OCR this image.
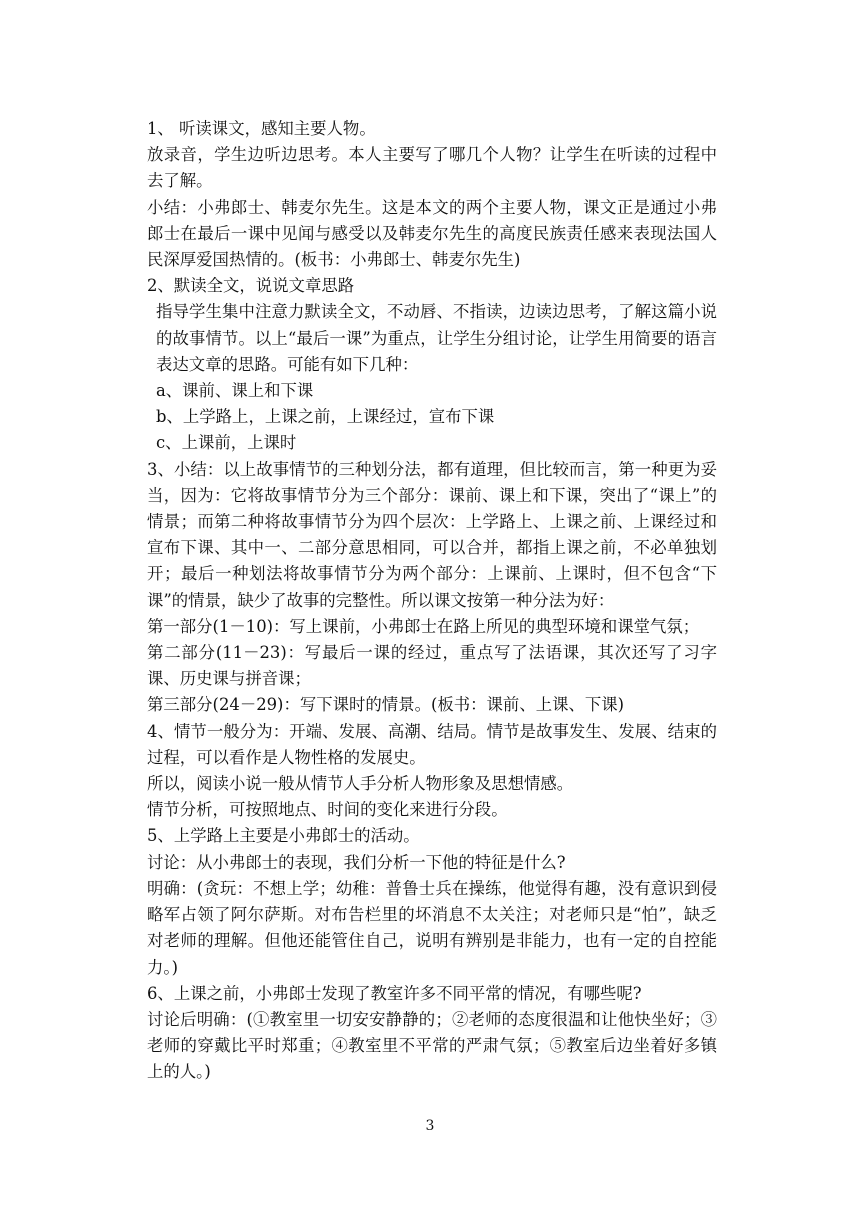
1、 听读课文，感知主要人物。

放录音，学生边听边思考。本人主要写了哪几个人物？让学生在听读的过程中去了解。

小结：小弗郎士、韩麦尔先生。这是本文的两个主要人物，课文正是通过小弗郎士在最后一课中见闻与感受以及韩麦尔先生的高度民族责任感来表现法国人民深厚爱国热情的。(板书：小弗郎士、韩麦尔先生)

2、默读全文，说说文章思路

指导学生集中注意力默读全文，不动唇、不指读，边读边思考，了解这篇小说的故事情节。以上“最后一课”为重点，让学生分组讨论，让学生用简要的语言表达文章的思路。可能有如下几种：

a、课前、课上和下课

b、上学路上，上课之前，上课经过，宣布下课

c、上课前，上课时

3、小结：以上故事情节的三种划分法，都有道理，但比较而言，第一种更为妥当，因为：它将故事情节分为三个部分：课前、课上和下课，突出了“课上”的情景；而第二种将故事情节分为四个层次：上学路上、上课之前、上课经过和宣布下课、其中一、二部分意思相同，可以合并，都指上课之前，不必单独划开；最后一种划法将故事情节分为两个部分：上课前、上课时，但不包含“下课”的情景，缺少了故事的完整性。所以课文按第一种分法为好：

第一部分(1－10)：写上课前，小弗郎士在路上所见的典型环境和课堂气氛；

第二部分(11－23)：写最后一课的经过，重点写了法语课，其次还写了习字课、历史课与拼音课；

第三部分(24－29)：写下课时的情景。(板书：课前、上课、下课)

4、情节一般分为：开端、发展、高潮、结局。情节是故事发生、发展、结束的过程，可以看作是人物性格的发展史。

所以，阅读小说一般从情节人手分析人物形象及思想情感。

情节分析，可按照地点、时间的变化来进行分段。

5、上学路上主要是小弗郎士的活动。

讨论：从小弗郎士的表现，我们分析一下他的特征是什么?

明确：(贪玩：不想上学；幼稚：普鲁士兵在操练，他觉得有趣，没有意识到侵略军占领了阿尔萨斯。对布告栏里的坏消息不太关注；对老师只是“怕”，缺乏对老师的理解。但他还能管住自己，说明有辨别是非能力，也有一定的自控能力。)

6、上课之前，小弗郎士发现了教室许多不同平常的情况，有哪些呢?

讨论后明确：(①教室里一切安安静静的；②老师的态度很温和让他快坐好；③老师的穿戴比平时郑重；④教室里不平常的严肃气氛；⑤教室后边坐着好多镇上的人。)

3
